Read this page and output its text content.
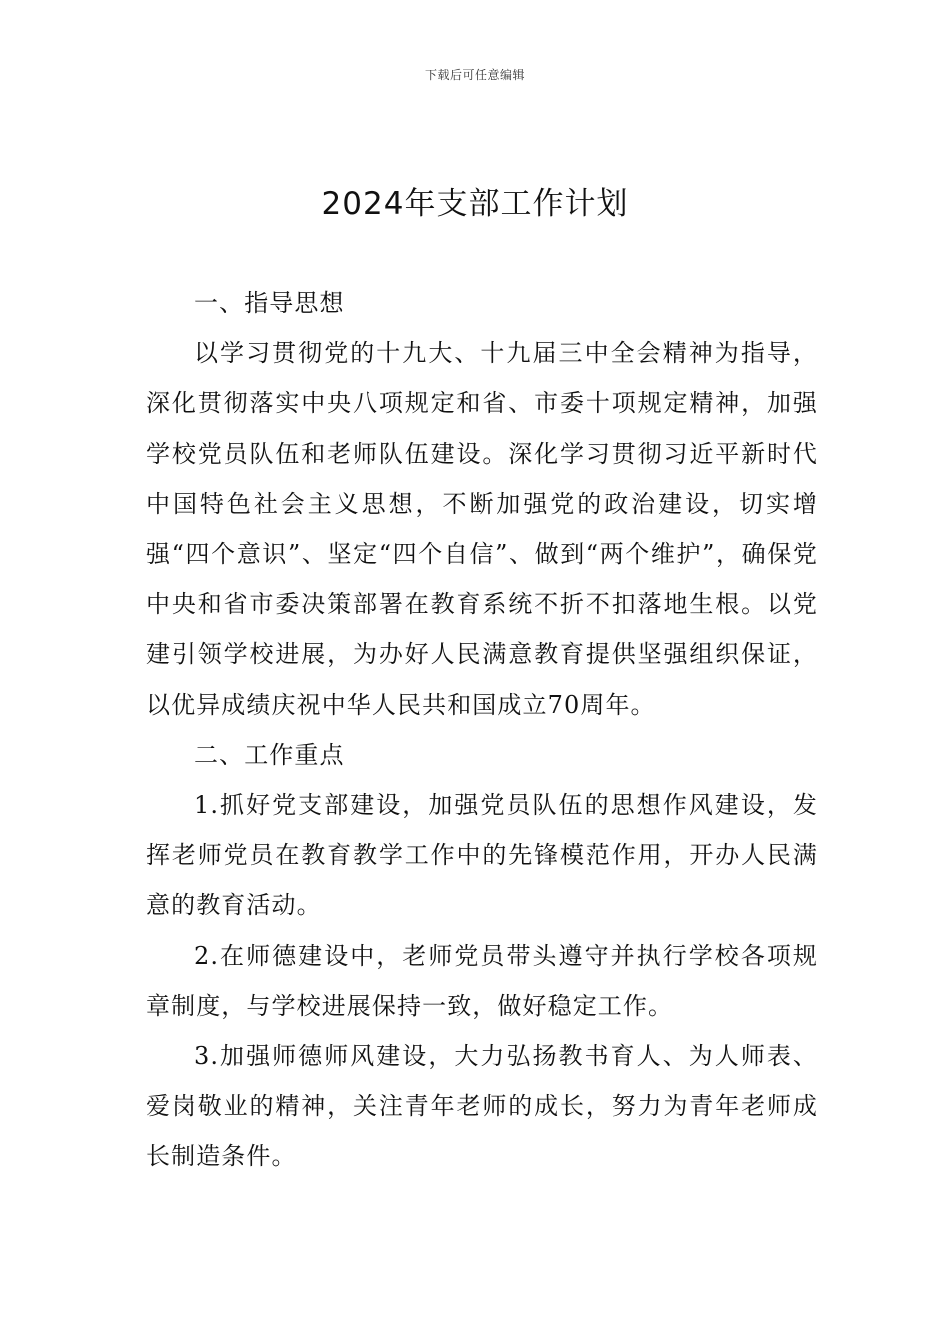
下载后可任意编辑
2024年支部工作计划

一、指导思想

以学习贯彻党的十九大、十九届三中全会精神为指导，深化贯彻落实中央八项规定和省、市委十项规定精神，加强学校党员队伍和老师队伍建设。深化学习贯彻习近平新时代中国特色社会主义思想，不断加强党的政治建设，切实增强“四个意识”、坚定“四个自信”、做到“两个维护”，确保党中央和省市委决策部署在教育系统不折不扣落地生根。以党建引领学校进展，为办好人民满意教育提供坚强组织保证，以优异成绩庆祝中华人民共和国成立70周年。

二、工作重点

1.抓好党支部建设，加强党员队伍的思想作风建设，发挥老师党员在教育教学工作中的先锋模范作用，开办人民满意的教育活动。

2.在师德建设中，老师党员带头遵守并执行学校各项规章制度，与学校进展保持一致，做好稳定工作。

3.加强师德师风建设，大力弘扬教书育人、为人师表、爱岗敬业的精神，关注青年老师的成长，努力为青年老师成长制造条件。
